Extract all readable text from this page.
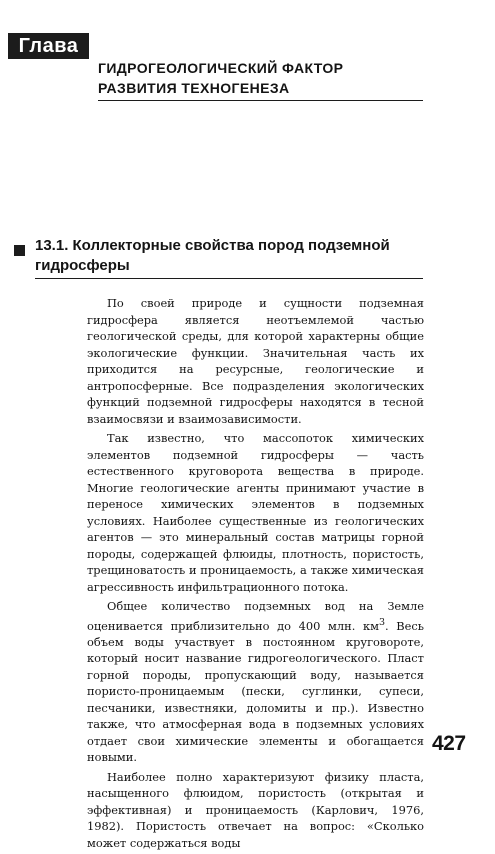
Глава 13	ГИДРОГЕОЛОГИЧЕСКИЙ ФАКТОР
РАЗВИТИЯ ТЕХНОГЕНЕЗА
13.1. Коллекторные свойства пород подземной
гидросферы

По своей природе и сущности подземная гидросфера является неотъемлемой частью геологической среды, для которой характерны общие экологические функции. Значительная часть их приходится на ресурсные, геологические и антропосферные. Все подразделения экологических функций подземной гидросферы находятся в тесной взаимосвязи и взаимозависимости.

Так известно, что массопоток химических элементов подземной гидросферы — часть естественного круговорота вещества в природе. Многие геологические агенты принимают участие в переносе химических элементов в подземных условиях. Наиболее существенные из геологических агентов — это минеральный состав матрицы горной породы, содержащей флюиды, плотность, пористость, трещиноватость и проницаемость, а также химическая агрессивность инфильтрационного потока.

Общее количество подземных вод на Земле оценивается приблизительно до 400 млн. $км^3$. Весь объем воды участвует в постоянном круговороте, который носит название гидрогеологического. Пласт горной породы, пропускающий воду, называется пористо-проницаемым (пески, суглинки, супеси, песчаники, известняки, доломиты и пр.). Известно также, что атмосферная вода в подземных условиях отдает свои химические элементы и обогащается новыми.

Наиболее полно характеризуют физику пласта, насыщенного флюидом, пористость (открытая и эффективная) и проницаемость (Карлович, 1976, 1982). Пористость отвечает на вопрос: «Сколько может содержаться воды

427
